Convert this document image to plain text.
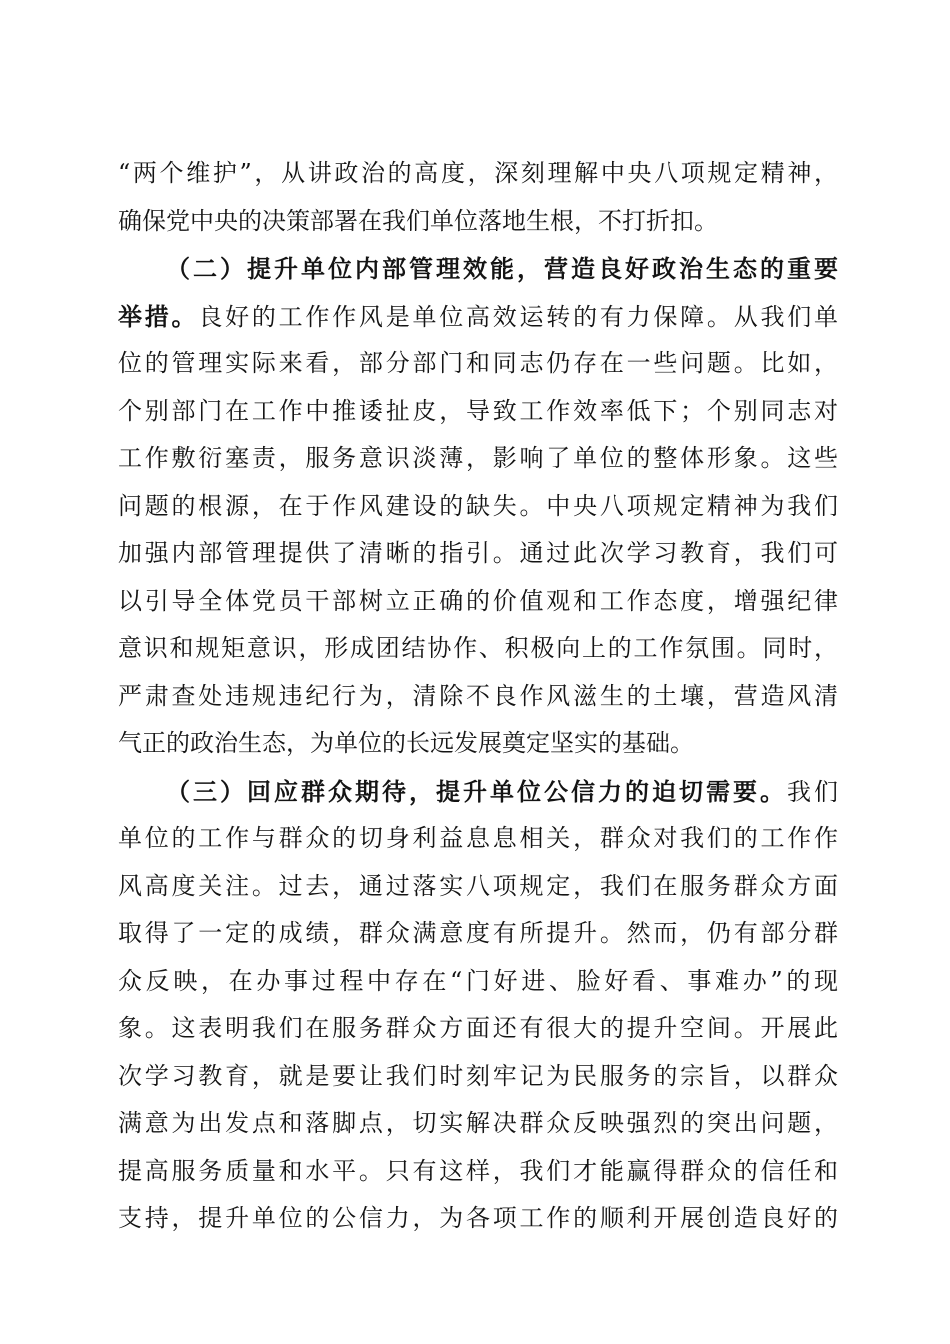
“两个维护”，从讲政治的高度，深刻理解中央八项规定精神，
确保党中央的决策部署在我们单位落地生根，不打折扣。
（二）提升单位内部管理效能，营造良好政治生态的重要
举措。良好的工作作风是单位高效运转的有力保障。从我们单
位的管理实际来看，部分部门和同志仍存在一些问题。比如，
个别部门在工作中推诿扯皮，导致工作效率低下；个别同志对
工作敷衍塞责，服务意识淡薄，影响了单位的整体形象。这些
问题的根源，在于作风建设的缺失。中央八项规定精神为我们
加强内部管理提供了清晰的指引。通过此次学习教育，我们可
以引导全体党员干部树立正确的价值观和工作态度，增强纪律
意识和规矩意识，形成团结协作、积极向上的工作氛围。同时，
严肃查处违规违纪行为，清除不良作风滋生的土壤，营造风清
气正的政治生态，为单位的长远发展奠定坚实的基础。
（三）回应群众期待，提升单位公信力的迫切需要。我们
单位的工作与群众的切身利益息息相关，群众对我们的工作作
风高度关注。过去，通过落实八项规定，我们在服务群众方面
取得了一定的成绩，群众满意度有所提升。然而，仍有部分群
众反映，在办事过程中存在“门好进、脸好看、事难办”的现
象。这表明我们在服务群众方面还有很大的提升空间。开展此
次学习教育，就是要让我们时刻牢记为民服务的宗旨，以群众
满意为出发点和落脚点，切实解决群众反映强烈的突出问题，
提高服务质量和水平。只有这样，我们才能赢得群众的信任和
支持，提升单位的公信力，为各项工作的顺利开展创造良好的
